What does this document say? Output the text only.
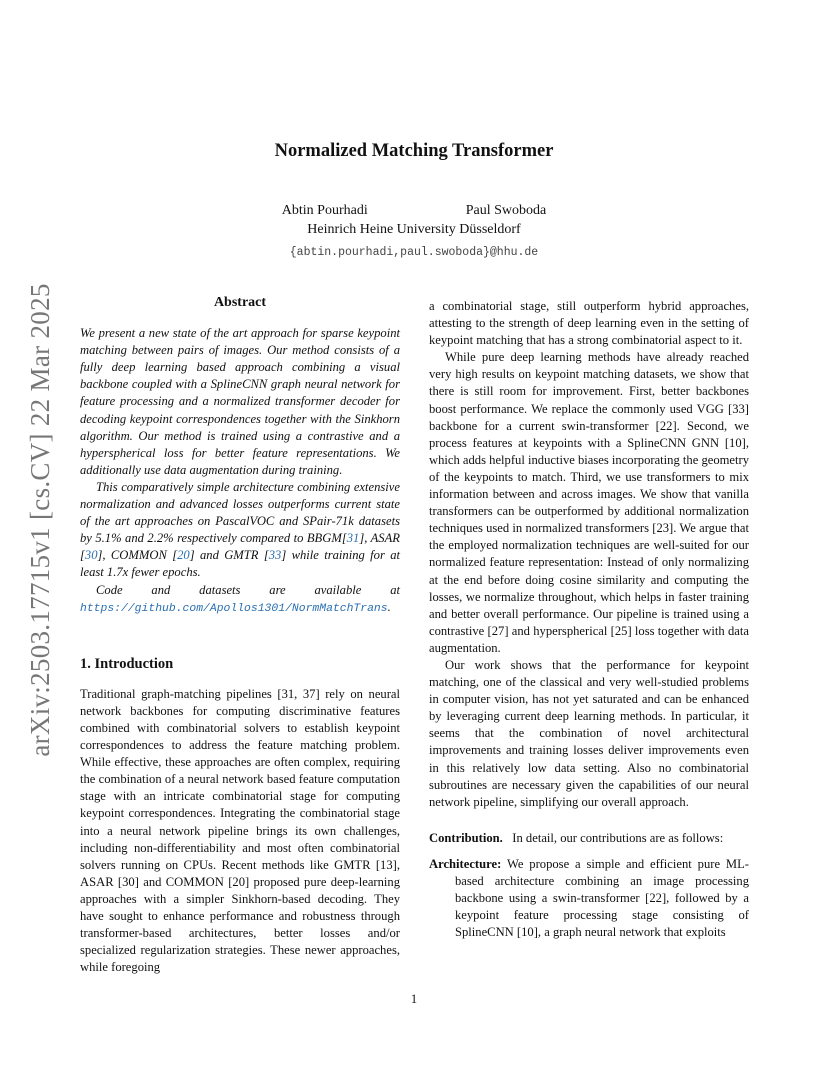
Normalized Matching Transformer
Abtin Pourhadi	Paul Swoboda
Heinrich Heine University Düsseldorf
{abtin.pourhadi,paul.swoboda}@hhu.de
arXiv:2503.17715v1 [cs.CV] 22 Mar 2025	Abstract

We present a new state of the art approach for sparse keypoint matching between pairs of images. Our method consists of a fully deep learning based approach combining a visual backbone coupled with a SplineCNN graph neural network for feature processing and a normalized transformer decoder for decoding keypoint correspondences together with the Sinkhorn algorithm. Our method is trained using a contrastive and a hyperspherical loss for better feature representations. We additionally use data augmentation during training.

This comparatively simple architecture combining extensive normalization and advanced losses outperforms current state of the art approaches on PascalVOC and SPair-71k datasets by 5.1% and 2.2% respectively compared to BBGM[31], ASAR [30], COMMON [20] and GMTR [33] while training for at least 1.7x fewer epochs.

Code and datasets are available at https://github.com/Apollos1301/NormMatchTrans.

1. Introduction

Traditional graph-matching pipelines [31, 37] rely on neural network backbones for computing discriminative features combined with combinatorial solvers to establish keypoint correspondences to address the feature matching problem. While effective, these approaches are often complex, requiring the combination of a neural network based feature computation stage with an intricate combinatorial stage for computing keypoint correspondences. Integrating the combinatorial stage into a neural network pipeline brings its own challenges, including non-differentiability and most often combinatorial solvers running on CPUs. Recent methods like GMTR [13], ASAR [30] and COMMON [20] proposed pure deep-learning approaches with a simpler Sinkhorn-based decoding. They have sought to enhance performance and robustness through transformer-based architectures, better losses and/or specialized regularization strategies. These newer approaches, while foregoing

a combinatorial stage, still outperform hybrid approaches, attesting to the strength of deep learning even in the setting of keypoint matching that has a strong combinatorial aspect to it.

While pure deep learning methods have already reached very high results on keypoint matching datasets, we show that there is still room for improvement. First, better backbones boost performance. We replace the commonly used VGG [33] backbone for a current swin-transformer [22]. Second, we process features at keypoints with a SplineCNN GNN [10], which adds helpful inductive biases incorporating the geometry of the keypoints to match. Third, we use transformers to mix information between and across images. We show that vanilla transformers can be outperformed by additional normalization techniques used in normalized transformers [23]. We argue that the employed normalization techniques are well-suited for our normalized feature representation: Instead of only normalizing at the end before doing cosine similarity and computing the losses, we normalize throughout, which helps in faster training and better overall performance. Our pipeline is trained using a contrastive [27] and hyperspherical [25] loss together with data augmentation.

Our work shows that the performance for keypoint matching, one of the classical and very well-studied problems in computer vision, has not yet saturated and can be enhanced by leveraging current deep learning methods. In particular, it seems that the combination of novel architectural improvements and training losses deliver improvements even in this relatively low data setting. Also no combinatorial subroutines are necessary given the capabilities of our neural network pipeline, simplifying our overall approach.

Contribution. In detail, our contributions are as follows:

Architecture: We propose a simple and efficient pure ML-based architecture combining an image processing backbone using a swin-transformer [22], followed by a keypoint feature processing stage consisting of SplineCNN [10], a graph neural network that exploits

1
